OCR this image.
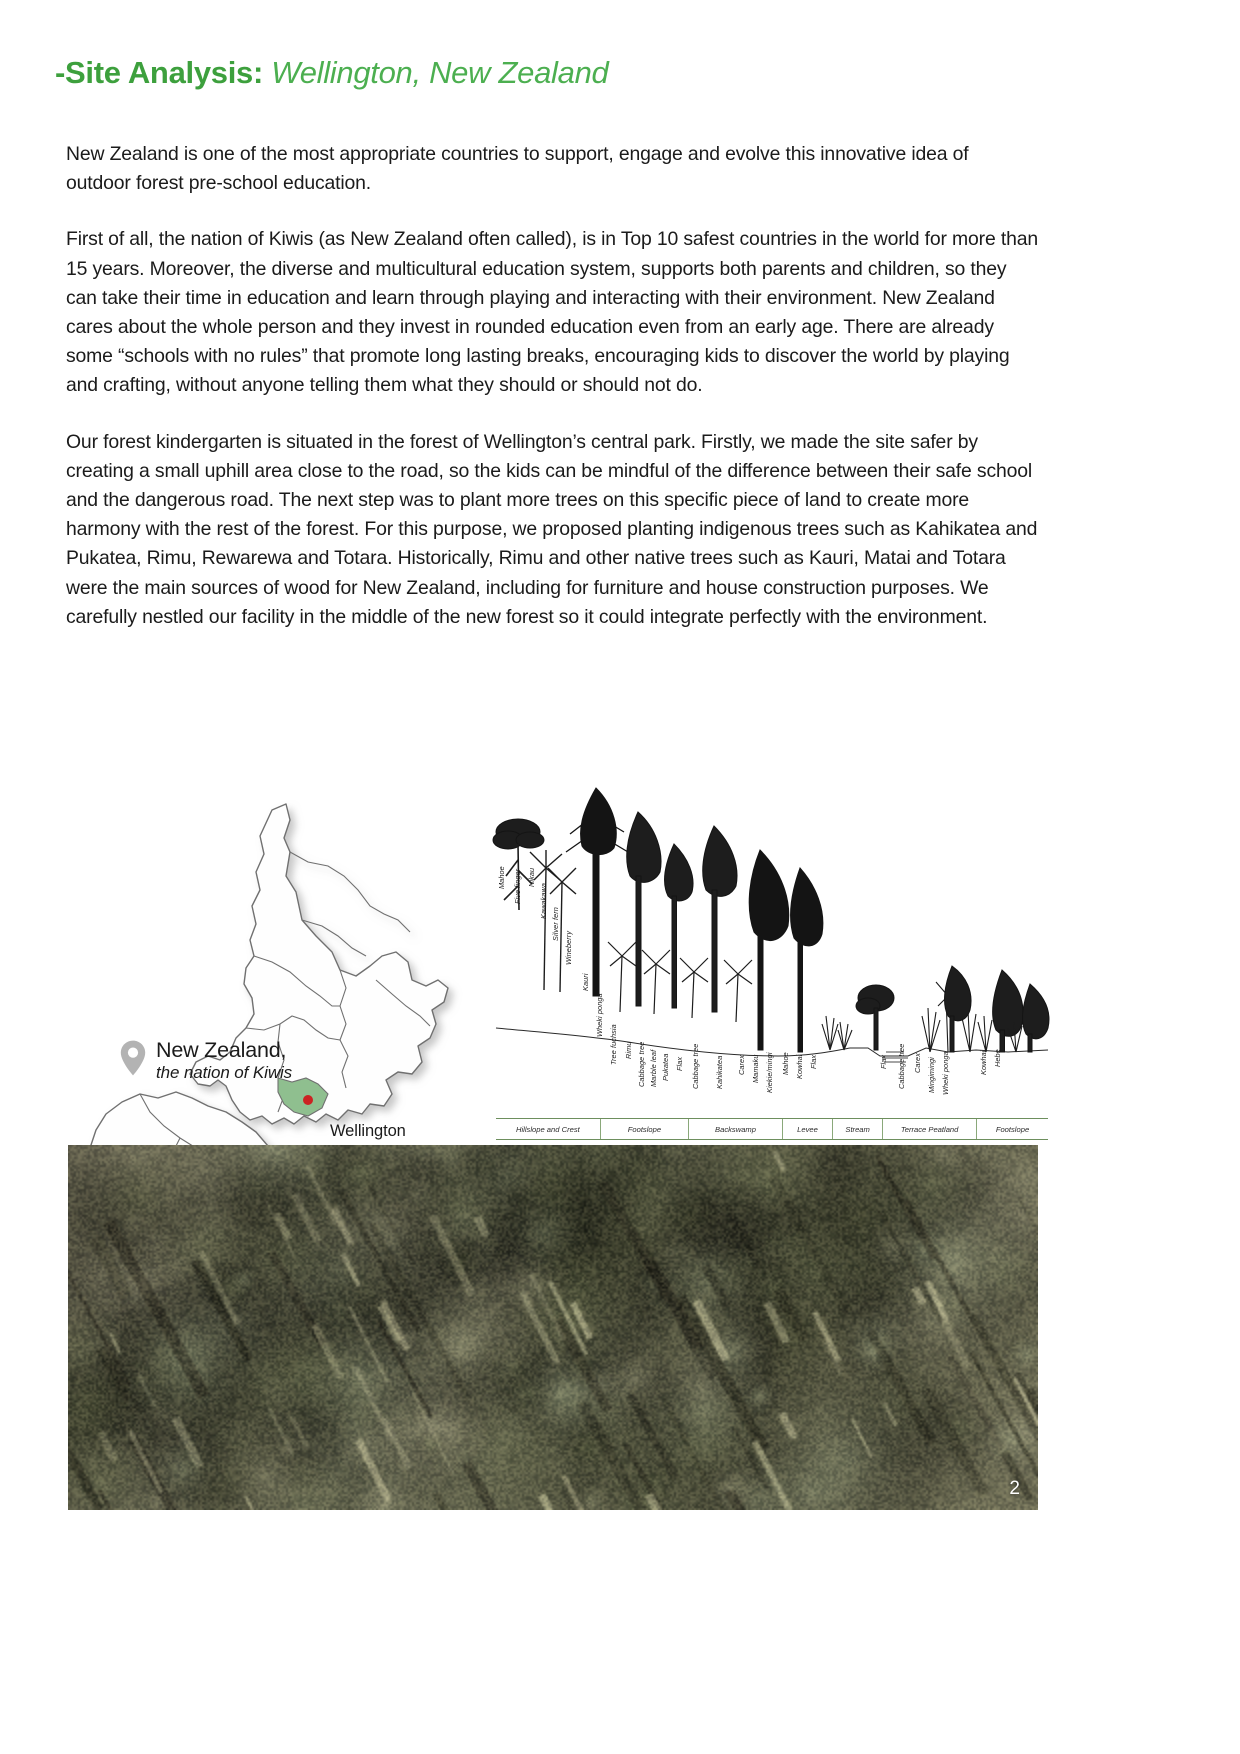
-Site Analysis: Wellington, New Zealand

New Zealand is one of the most appropriate countries to support, engage and evolve this innovative idea of outdoor forest pre-school education.

First of all, the nation of Kiwis (as New Zealand often called), is in Top 10 safest countries in the world for more than 15 years. Moreover, the diverse and multicultural education system, supports both parents and children, so they can take their time in education and learn through playing and interacting with their environment. New Zealand cares about the whole person and they invest in rounded education even from an early age. There are already some “schools with no rules” that promote long lasting breaks, encouraging kids to discover the world by playing and crafting, without anyone telling them what they should or should not do.

Our forest kindergarten is situated in the forest of Wellington’s central park. Firstly, we made the site safer by creating a small uphill area close to the road, so the kids can be mindful of the difference between their safe school and the dangerous road. The next step was to plant more trees on this specific piece of land to create more harmony with the rest of the forest. For this purpose, we proposed planting indigenous trees such as Kahikatea and Pukatea, Rimu, Rewarewa and Totara. Historically, Rimu and other native trees such as Kauri, Matai and Totara were the main sources of wood for New Zealand, including for furniture and house construction purposes. We carefully nestled our facility in the middle of the new forest so it could integrate perfectly with the environment.

New Zealand,
the nation of Kiwis
Wellington
Mahoe Five finger Nikau
Kawakawa
Silver fern
Wineberry
Kauri
Wheki ponga
Tree fuchsia Rimu Cabbage tree Marble leaf Pukatea Flax Cabbage tree Kahikatea Carex Mamaku Kiekie/mingi Mahoe Kowhai Flax	Flax Cabbage tree Carex Mingimingi Wheki ponga	Kowhai Hebe
Hillslope and Crest	Footslope	Backswamp	Levee	Stream	Terrace Peatland	Footslope
2
